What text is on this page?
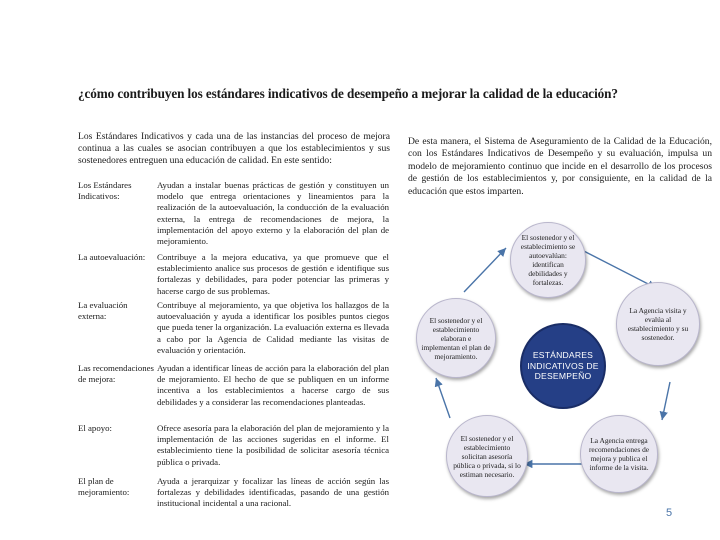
¿cómo contribuyen los estándares indicativos de desempeño a mejorar la calidad de la educación?
Los Estándares Indicativos y cada una de las instancias del proceso de mejora continua a las cuales se asocian contribuyen a que los establecimientos y sus sostenedores entreguen una educación de calidad. En este sentido:
Los Estándares Indicativos:
Ayudan a instalar buenas prácticas de gestión y constituyen un modelo que entrega orientaciones y lineamientos para la realización de la autoevaluación, la conducción de la evaluación externa, la entrega de recomendaciones de mejora, la implementación del apoyo externo y la elaboración del plan de mejoramiento.
La autoevaluación:	Contribuye a la mejora educativa, ya que promueve que el establecimiento analice sus procesos de gestión e identifique sus fortalezas y debilidades, para poder potenciar las primeras y hacerse cargo de sus problemas.
La evaluación externa:
Contribuye al mejoramiento, ya que objetiva los hallazgos de la autoevaluación y ayuda a identificar los posibles puntos ciegos que pueda tener la organización. La evaluación externa es llevada a cabo por la Agencia de Calidad mediante las visitas de evaluación y orientación.
Las recomendaciones de mejora:
Ayudan a identificar líneas de acción para la elaboración del plan de mejoramiento. El hecho de que se publiquen en un informe incentiva a los establecimientos a hacerse cargo de sus debilidades y a considerar las recomendaciones planteadas.
El apoyo:	Ofrece asesoría para la elaboración del plan de mejoramiento y la implementación de las acciones sugeridas en el informe. El establecimiento tiene la posibilidad de solicitar asesoría técnica pública o privada.
El plan de mejoramiento:
Ayuda a jerarquizar y focalizar las líneas de acción según las fortalezas y debilidades identificadas, pasando de una gestión institucional incidental a una racional.
De esta manera, el Sistema de Aseguramiento de la Calidad de la Educación, con los Estándares Indicativos de Desempeño y su evaluación, impulsa un modelo de mejoramiento continuo que incide en el desarrollo de los procesos de gestión de los establecimientos y, por consiguiente, en la calidad de la educación que estos imparten.
ESTÁNDARES INDICATIVOS DE DESEMPEÑO
El sostenedor y el establecimiento se autoevalúan: identifican debilidades y fortalezas.
La Agencia visita y evalúa al establecimiento y su sostenedor.
La Agencia entrega recomendaciones de mejora y publica el informe de la visita.
El sostenedor y el establecimiento solicitan asesoría pública o privada, si lo estiman necesario.
El sostenedor y el establecimiento elaboran e implementan el plan de mejoramiento.
5
